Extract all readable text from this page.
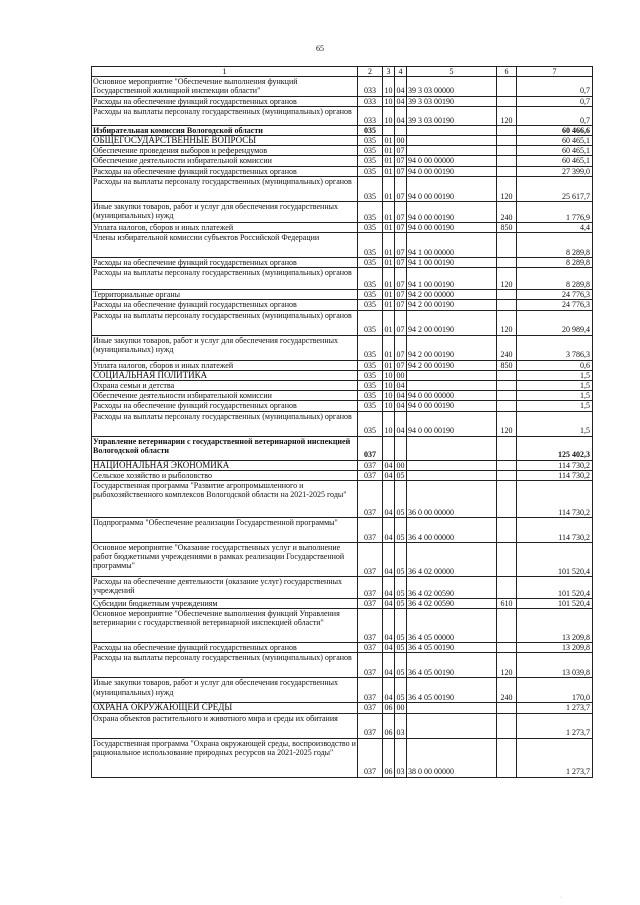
65
1	2	3	4	5	6	7
Основное мероприятие "Обеспечение выполнения функций Государственной жилищной инспекции области"	033	10	04	39 3 03 00000		0,7
Расходы на обеспечение функций государственных органов	033	10	04	39 3 03 00190		0,7
Расходы на выплаты персоналу государственных (муниципальных) органов	033	10	04	39 3 03 00190	120	0,7
Избирательная комиссия Вологодской области	035					60 466,6
ОБЩЕГОСУДАРСТВЕННЫЕ ВОПРОСЫ	035	01	00			60 465,1
Обеспечение проведения выборов и референдумов	035	01	07			60 465,1
Обеспечение деятельности избирательной комиссии	035	01	07	94 0 00 00000		60 465,1
Расходы на обеспечение функций государственных органов	035	01	07	94 0 00 00190		27 399,0
Расходы на выплаты персоналу государственных (муниципальных) органов	035	01	07	94 0 00 00190	120	25 617,7
Иные закупки товаров, работ и услуг для обеспечения государственных (муниципальных) нужд	035	01	07	94 0 00 00190	240	1 776,9
Уплата налогов, сборов и иных платежей	035	01	07	94 0 00 00190	850	4,4
Члены избирательной комиссии субъектов Российской Федерации	035	01	07	94 1 00 00000		8 289,8
Расходы на обеспечение функций государственных органов	035	01	07	94 1 00 00190		8 289,8
Расходы на выплаты персоналу государственных (муниципальных) органов	035	01	07	94 1 00 00190	120	8 289,8
Территориальные органы	035	01	07	94 2 00 00000		24 776,3
Расходы на обеспечение функций государственных органов	035	01	07	94 2 00 00190		24 776,3
Расходы на выплаты персоналу государственных (муниципальных) органов	035	01	07	94 2 00 00190	120	20 989,4
Иные закупки товаров, работ и услуг для обеспечения государственных (муниципальных) нужд	035	01	07	94 2 00 00190	240	3 786,3
Уплата налогов, сборов и иных платежей	035	01	07	94 2 00 00190	850	0,6
СОЦИАЛЬНАЯ ПОЛИТИКА	035	10	00			1,5
Охрана семьи и детства	035	10	04			1,5
Обеспечение деятельности избирательной комиссии	035	10	04	94 0 00 00000		1,5
Расходы на обеспечение функций государственных органов	035	10	04	94 0 00 00190		1,5
Расходы на выплаты персоналу государственных (муниципальных) органов	035	10	04	94 0 00 00190	120	1,5
Управление ветеринарии с государственной ветеринарной инспекцией Вологодской области	037					125 402,3
НАЦИОНАЛЬНАЯ ЭКОНОМИКА	037	04	00			114 730,2
Сельское хозяйство и рыболовство	037	04	05			114 730,2
Государственная программа "Развитие агропромышленного и рыбохозяйственного комплексов Вологодской области на 2021-2025 годы"	037	04	05	36 0 00 00000		114 730,2
Подпрограмма "Обеспечение реализации Государственной программы"	037	04	05	36 4 00 00000		114 730,2
Основное мероприятие "Оказание государственных услуг и выполнение работ бюджетными учреждениями в рамках реализации Государственной программы"	037	04	05	36 4 02 00000		101 520,4
Расходы на обеспечение деятельности (оказание услуг) государственных учреждений	037	04	05	36 4 02 00590		101 520,4
Субсидии бюджетным учреждениям	037	04	05	36 4 02 00590	610	101 520,4
Основное мероприятие "Обеспечение выполнения функций Управления ветеринарии с государственной ветеринарной инспекцией области"	037	04	05	36 4 05 00000		13 209,8
Расходы на обеспечение функций государственных органов	037	04	05	36 4 05 00190		13 209,8
Расходы на выплаты персоналу государственных (муниципальных) органов	037	04	05	36 4 05 00190	120	13 039,8
Иные закупки товаров, работ и услуг для обеспечения государственных (муниципальных) нужд	037	04	05	36 4 05 00190	240	170,0
ОХРАНА ОКРУЖАЮЩЕЙ СРЕДЫ	037	06	00			1 273,7
Охрана объектов растительного и животного мира и среды их обитания	037	06	03			1 273,7
Государственная программа "Охрана окружающей среды, воспроизводство и рациональное использование природных ресурсов на 2021-2025 годы"	037	06	03	38 0 00 00000		1 273,7
·
